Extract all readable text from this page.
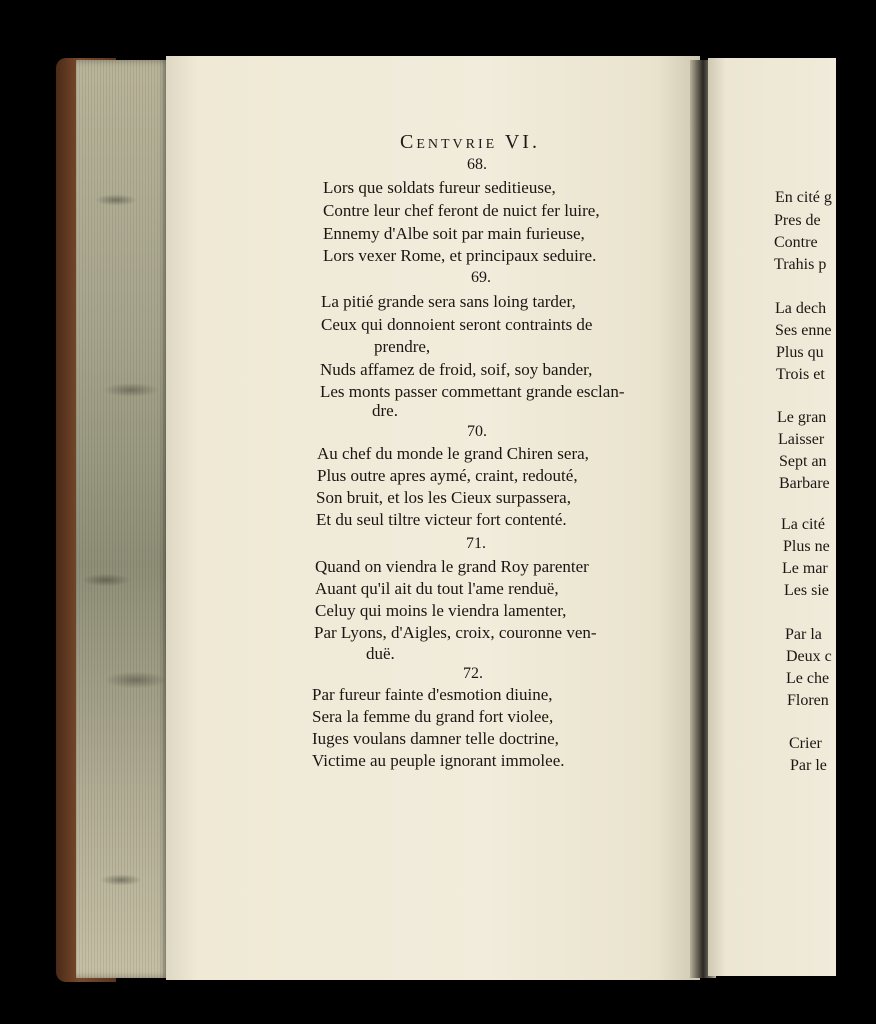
Centvrie VI.
68.
Lors que soldats fureur seditieuse,
Contre leur chef feront de nuict fer luire,
Ennemy d'Albe soit par main furieuse,
Lors vexer Rome, et principaux seduire.
69.
La pitié grande sera sans loing tarder,
Ceux qui donnoient seront contraints de
prendre,
Nuds affamez de froid, soif, soy bander,
Les monts passer commettant grande esclan-
dre.
70.
Au chef du monde le grand Chiren sera,
Plus outre apres aymé, craint, redouté,
Son bruit, et los les Cieux surpassera,
Et du seul tiltre victeur fort contenté.
71.
Quand on viendra le grand Roy parenter
Auant qu'il ait du tout l'ame renduë,
Celuy qui moins le viendra lamenter,
Par Lyons, d'Aigles, croix, couronne ven-
duë.
72.
Par fureur fainte d'esmotion diuine,
Sera la femme du grand fort violee,
Iuges voulans damner telle doctrine,
Victime au peuple ignorant immolee.
En cité g
Pres de
Contre
Trahis p
La dech
Ses enne
Plus qu
Trois et
Le gran
Laisser
Sept an
Barbare
La cité
Plus ne
Le mar
Les sie
Par la
Deux c
Le che
Floren
Crier
Par le
